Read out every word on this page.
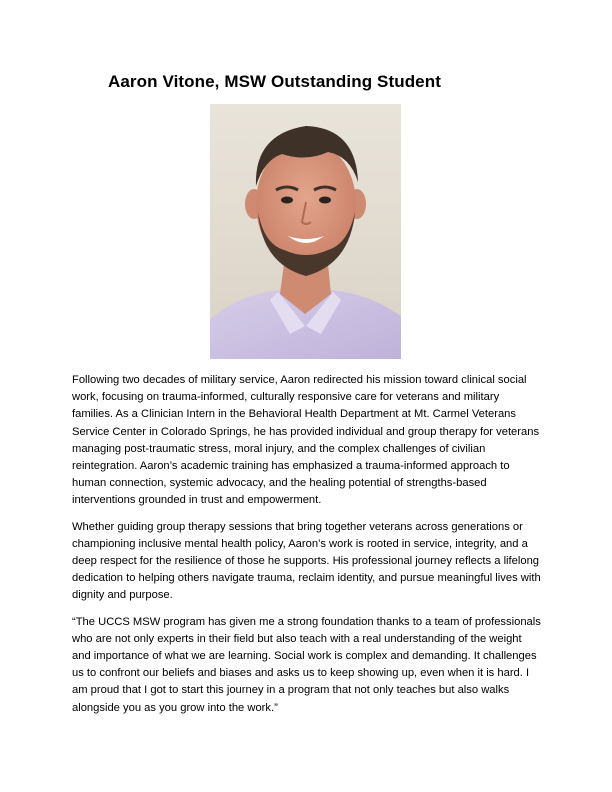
Aaron Vitone, MSW Outstanding Student

Following two decades of military service, Aaron redirected his mission toward clinical social work, focusing on trauma-informed, culturally responsive care for veterans and military families. As a Clinician Intern in the Behavioral Health Department at Mt. Carmel Veterans Service Center in Colorado Springs, he has provided individual and group therapy for veterans managing post-traumatic stress, moral injury, and the complex challenges of civilian reintegration. Aaron’s academic training has emphasized a trauma-informed approach to human connection, systemic advocacy, and the healing potential of strengths-based interventions grounded in trust and empowerment.

Whether guiding group therapy sessions that bring together veterans across generations or championing inclusive mental health policy, Aaron’s work is rooted in service, integrity, and a deep respect for the resilience of those he supports. His professional journey reflects a lifelong dedication to helping others navigate trauma, reclaim identity, and pursue meaningful lives with dignity and purpose.

“The UCCS MSW program has given me a strong foundation thanks to a team of professionals who are not only experts in their field but also teach with a real understanding of the weight and importance of what we are learning. Social work is complex and demanding. It challenges us to confront our beliefs and biases and asks us to keep showing up, even when it is hard. I am proud that I got to start this journey in a program that not only teaches but also walks alongside you as you grow into the work.”
